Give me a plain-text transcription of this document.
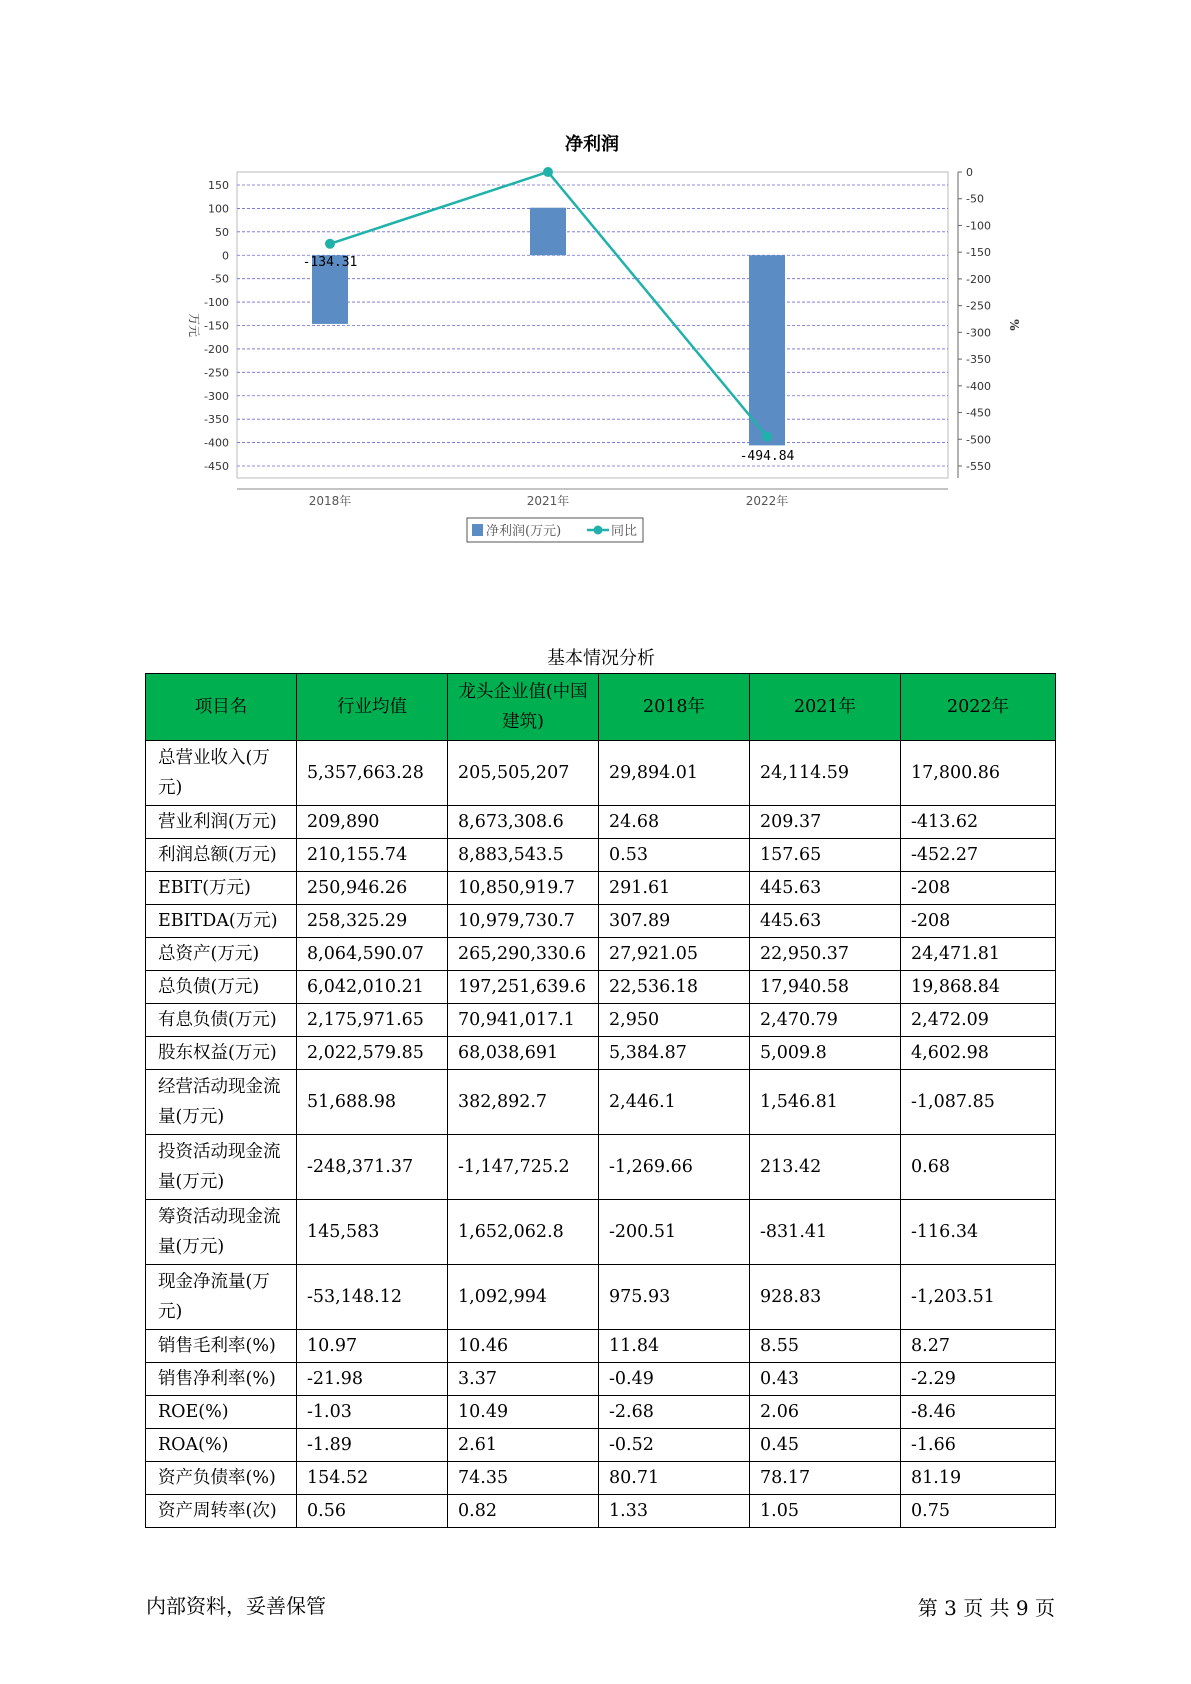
净利润
150
100
50
0
-50
-100
-150
-200
-250
-300
-350
-400
-450
0
-50
-100
-150
-200
-250
-300
-350
-400
-450
-500
-550
万元	%
2018年	2021年	2022年
-134.31
-494.84
净利润(万元)	同比
基本情况分析
项目名	行业均值	龙头企业值(中国建筑)	2018年	2021年	2022年
总营业收入(万元)	5,357,663.28	205,505,207	29,894.01	24,114.59	17,800.86
营业利润(万元)	209,890	8,673,308.6	24.68	209.37	-413.62
利润总额(万元)	210,155.74	8,883,543.5	0.53	157.65	-452.27
EBIT(万元)	250,946.26	10,850,919.7	291.61	445.63	-208
EBITDA(万元)	258,325.29	10,979,730.7	307.89	445.63	-208
总资产(万元)	8,064,590.07	265,290,330.6	27,921.05	22,950.37	24,471.81
总负债(万元)	6,042,010.21	197,251,639.6	22,536.18	17,940.58	19,868.84
有息负债(万元)	2,175,971.65	70,941,017.1	2,950	2,470.79	2,472.09
股东权益(万元)	2,022,579.85	68,038,691	5,384.87	5,009.8	4,602.98
经营活动现金流量(万元)	51,688.98	382,892.7	2,446.1	1,546.81	-1,087.85
投资活动现金流量(万元)	-248,371.37	-1,147,725.2	-1,269.66	213.42	0.68
筹资活动现金流量(万元)	145,583	1,652,062.8	-200.51	-831.41	-116.34
现金净流量(万元)	-53,148.12	1,092,994	975.93	928.83	-1,203.51
销售毛利率(%)	10.97	10.46	11.84	8.55	8.27
销售净利率(%)	-21.98	3.37	-0.49	0.43	-2.29
ROE(%)	-1.03	10.49	-2.68	2.06	-8.46
ROA(%)	-1.89	2.61	-0.52	0.45	-1.66
资产负债率(%)	154.52	74.35	80.71	78.17	81.19
资产周转率(次)	0.56	0.82	1.33	1.05	0.75
内部资料，妥善保管	第 3 页 共 9 页
